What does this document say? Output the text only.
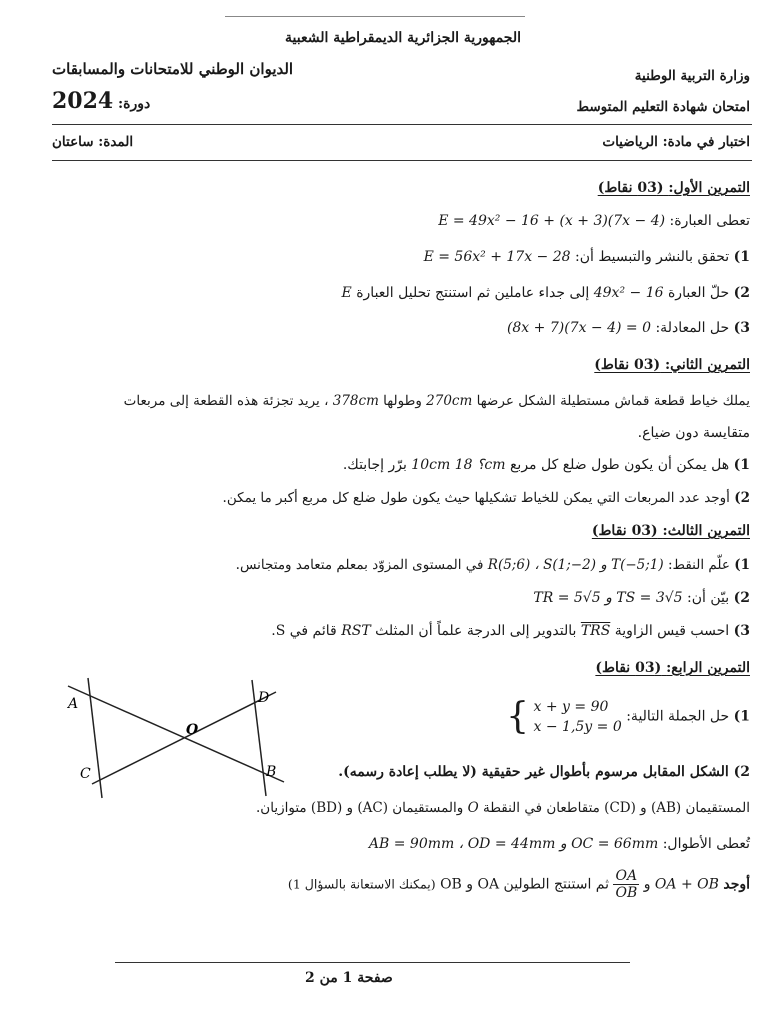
الجمهورية الجزائرية الديمقراطية الشعبية
وزارة التربية الوطنية
الديوان الوطني للامتحانات والمسابقات
امتحان شهادة التعليم المتوسط
دورة: 2024
اختبار في مادة: الرياضيات
المدة: ساعتان
التمرين الأول: (03 نقاط)
تعطى العبارة: E = 49x² − 16 + (x + 3)(7x − 4)
1) تحقق بالنشر والتبسيط أن: E = 56x² + 17x − 28
2) حلّ العبارة 49x² − 16 إلى جداء عاملين ثم استنتج تحليل العبارة E
3) حل المعادلة: (8x + 7)(7x − 4) = 0
التمرين الثاني: (03 نقاط)
يملك خياط قطعة قماش مستطيلة الشكل عرضها 270cm وطولها 378cm ، يريد تجزئة هذه القطعة إلى مربعات
متقايسة دون ضياع.
1) هل يمكن أن يكون طول ضلع كل مربع 10cm ؟ 18cm برّر إجابتك.
2) أوجد عدد المربعات التي يمكن للخياط تشكيلها حيث يكون طول ضلع كل مربع أكبر ما يمكن.
التمرين الثالث: (03 نقاط)
1) علّم النقط: R(5;6) ، S(1;−2) و T(−5;1) في المستوى المزوّد بمعلم متعامد ومتجانس.
2) بيّن أن: TR = 5√5 و TS = 3√5
3) احسب قيس الزاوية $\overline{TRS}$ بالتدوير إلى الدرجة علماً أن المثلث RST قائم في S.
التمرين الرابع: (03 نقاط)
A
C
O
D
B
1) حل الجملة التالية: { x + y = 90
x − 1,5y = 0
2) الشكل المقابل مرسوم بأطوال غير حقيقية (لا يطلب إعادة رسمه).
المستقيمان (AB) و (CD) متقاطعان في النقطة O والمستقيمان (AC) و (BD) متوازيان.
تُعطى الأطوال: AB = 90mm ، OD = 44mm و OC = 66mm
أوجد OA + OB و
$\frac{OA}{OB}$
ثم استنتج الطولين OA و OB (يمكنك الاستعانة بالسؤال 1)
صفحة 1 من 2
